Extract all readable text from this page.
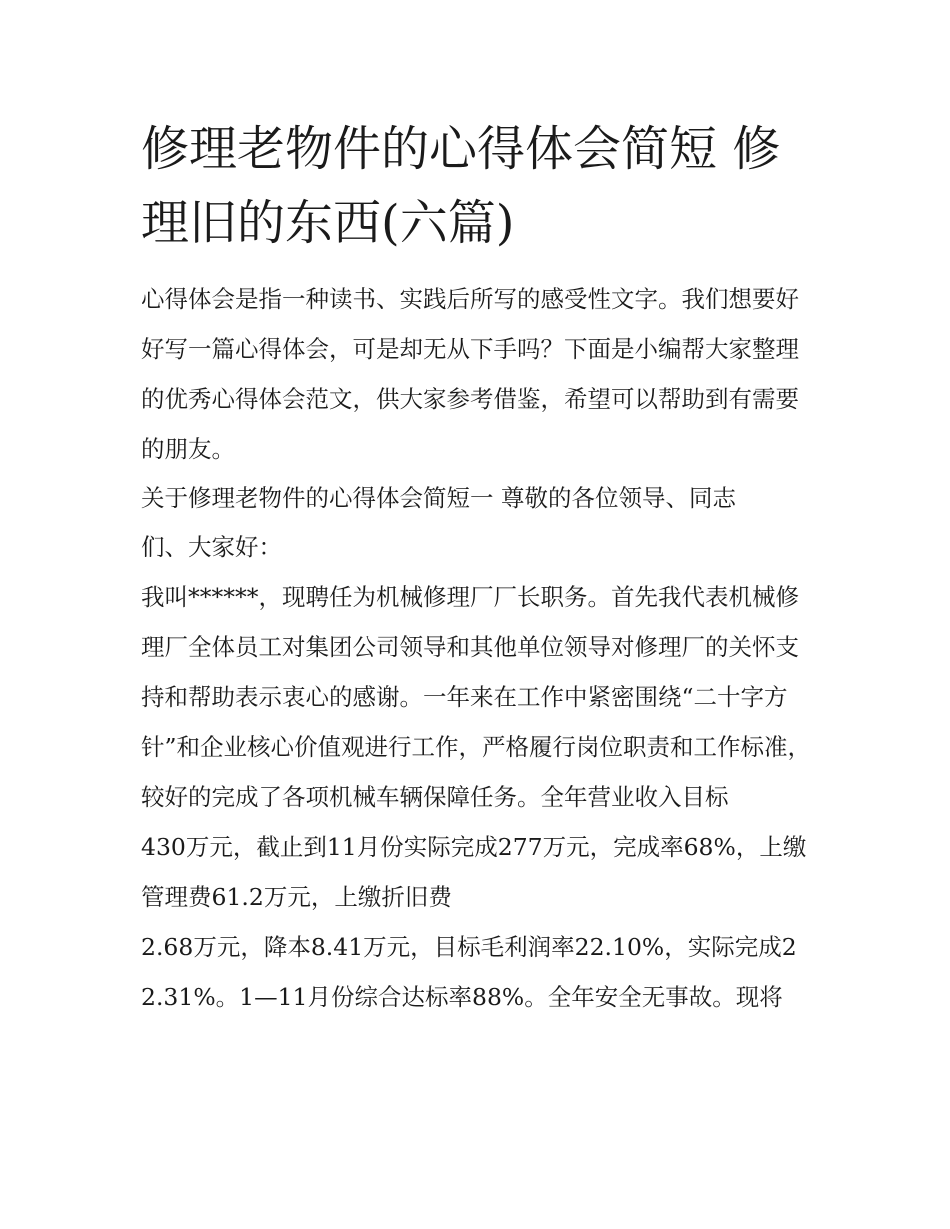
修理老物件的心得体会简短 修理旧的东西(六篇)

心得体会是指一种读书、实践后所写的感受性文字。我们想要好好写一篇心得体会，可是却无从下手吗？下面是小编帮大家整理的优秀心得体会范文，供大家参考借鉴，希望可以帮助到有需要的朋友。

关于修理老物件的心得体会简短一 尊敬的各位领导、同志们、大家好：

我叫******，现聘任为机械修理厂厂长职务。首先我代表机械修理厂全体员工对集团公司领导和其他单位领导对修理厂的关怀支持和帮助表示衷心的感谢。一年来在工作中紧密围绕“二十字方针”和企业核心价值观进行工作，严格履行岗位职责和工作标准，较好的完成了各项机械车辆保障任务。全年营业收入目标

430万元，截止到11月份实际完成277万元，完成率68%，上缴管理费61.2万元，上缴折旧费

2.68万元，降本8.41万元，目标毛利润率22.10%，实际完成22.31%。1—11月份综合达标率88%。全年安全无事故。现将
